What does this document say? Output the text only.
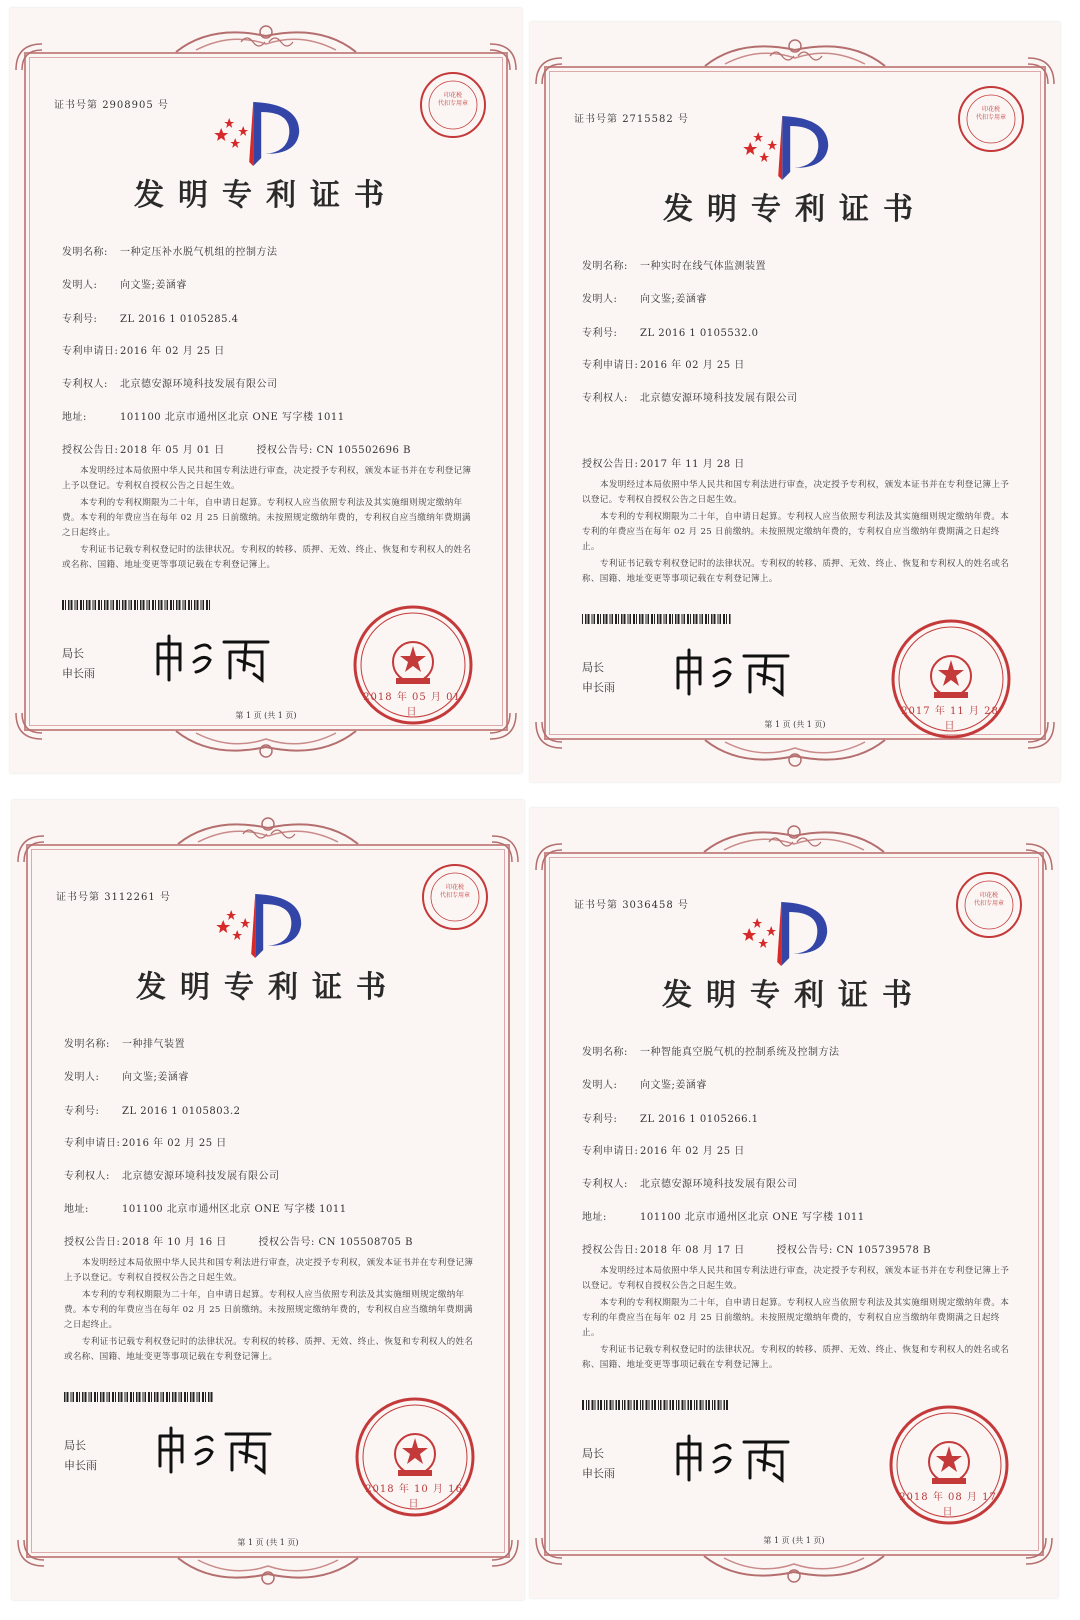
证书号第 2908905 号
印花税
代扣专用章
发明专利证书
发明名称: 一种定压补水脱气机组的控制方法
发明人: 向文鉴;姜涵睿
专利号: ZL 2016 1 0105285.4
专利申请日: 2016 年 02 月 25 日
专利权人: 北京德安源环境科技发展有限公司
地址:	101100 北京市通州区北京 ONE 写字楼 1011
授权公告日: 2018 年 05 月 01 日	授权公告号: CN 105502696 B

本发明经过本局依照中华人民共和国专利法进行审查，决定授予专利权，颁发本证书并在专利登记簿上予以登记。专利权自授权公告之日起生效。

本专利的专利权期限为二十年，自申请日起算。专利权人应当依照专利法及其实施细则规定缴纳年费。本专利的年费应当在每年 02 月 25 日前缴纳。未按照规定缴纳年费的，专利权自应当缴纳年费期满之日起终止。

专利证书记载专利权登记时的法律状况。专利权的转移、质押、无效、终止、恢复和专利权人的姓名或名称、国籍、地址变更等事项记载在专利登记簿上。

局长
申长雨
2018 年 05 月 01 日
第 1 页 (共 1 页)
证书号第 2715582 号
印花税
代扣专用章
发明专利证书
发明名称: 一种实时在线气体监测装置
发明人: 向文鉴;姜涵睿
专利号: ZL 2016 1 0105532.0
专利申请日: 2016 年 02 月 25 日
专利权人: 北京德安源环境科技发展有限公司
授权公告日: 2017 年 11 月 28 日

本发明经过本局依照中华人民共和国专利法进行审查，决定授予专利权，颁发本证书并在专利登记簿上予以登记。专利权自授权公告之日起生效。

本专利的专利权期限为二十年，自申请日起算。专利权人应当依照专利法及其实施细则规定缴纳年费。本专利的年费应当在每年 02 月 25 日前缴纳。未按照规定缴纳年费的，专利权自应当缴纳年费期满之日起终止。

专利证书记载专利权登记时的法律状况。专利权的转移、质押、无效、终止、恢复和专利权人的姓名或名称、国籍、地址变更等事项记载在专利登记簿上。

局长
申长雨
2017 年 11 月 28 日
第 1 页 (共 1 页)
证书号第 3112261 号
印花税
代扣专用章
发明专利证书
发明名称: 一种排气装置
发明人: 向文鉴;姜涵睿
专利号: ZL 2016 1 0105803.2
专利申请日: 2016 年 02 月 25 日
专利权人: 北京德安源环境科技发展有限公司
地址:	101100 北京市通州区北京 ONE 写字楼 1011
授权公告日: 2018 年 10 月 16 日	授权公告号: CN 105508705 B

本发明经过本局依照中华人民共和国专利法进行审查，决定授予专利权，颁发本证书并在专利登记簿上予以登记。专利权自授权公告之日起生效。

本专利的专利权期限为二十年，自申请日起算。专利权人应当依照专利法及其实施细则规定缴纳年费。本专利的年费应当在每年 02 月 25 日前缴纳。未按照规定缴纳年费的，专利权自应当缴纳年费期满之日起终止。

专利证书记载专利权登记时的法律状况。专利权的转移、质押、无效、终止、恢复和专利权人的姓名或名称、国籍、地址变更等事项记载在专利登记簿上。

局长
申长雨
2018 年 10 月 16 日
第 1 页 (共 1 页)
证书号第 3036458 号
印花税
代扣专用章
发明专利证书
发明名称: 一种智能真空脱气机的控制系统及控制方法
发明人: 向文鉴;姜涵睿
专利号: ZL 2016 1 0105266.1
专利申请日: 2016 年 02 月 25 日
专利权人: 北京德安源环境科技发展有限公司
地址:	101100 北京市通州区北京 ONE 写字楼 1011
授权公告日: 2018 年 08 月 17 日	授权公告号: CN 105739578 B

本发明经过本局依照中华人民共和国专利法进行审查，决定授予专利权，颁发本证书并在专利登记簿上予以登记。专利权自授权公告之日起生效。

本专利的专利权期限为二十年，自申请日起算。专利权人应当依照专利法及其实施细则规定缴纳年费。本专利的年费应当在每年 02 月 25 日前缴纳。未按照规定缴纳年费的，专利权自应当缴纳年费期满之日起终止。

专利证书记载专利权登记时的法律状况。专利权的转移、质押、无效、终止、恢复和专利权人的姓名或名称、国籍、地址变更等事项记载在专利登记簿上。

局长
申长雨
2018 年 08 月 17 日
第 1 页 (共 1 页)
